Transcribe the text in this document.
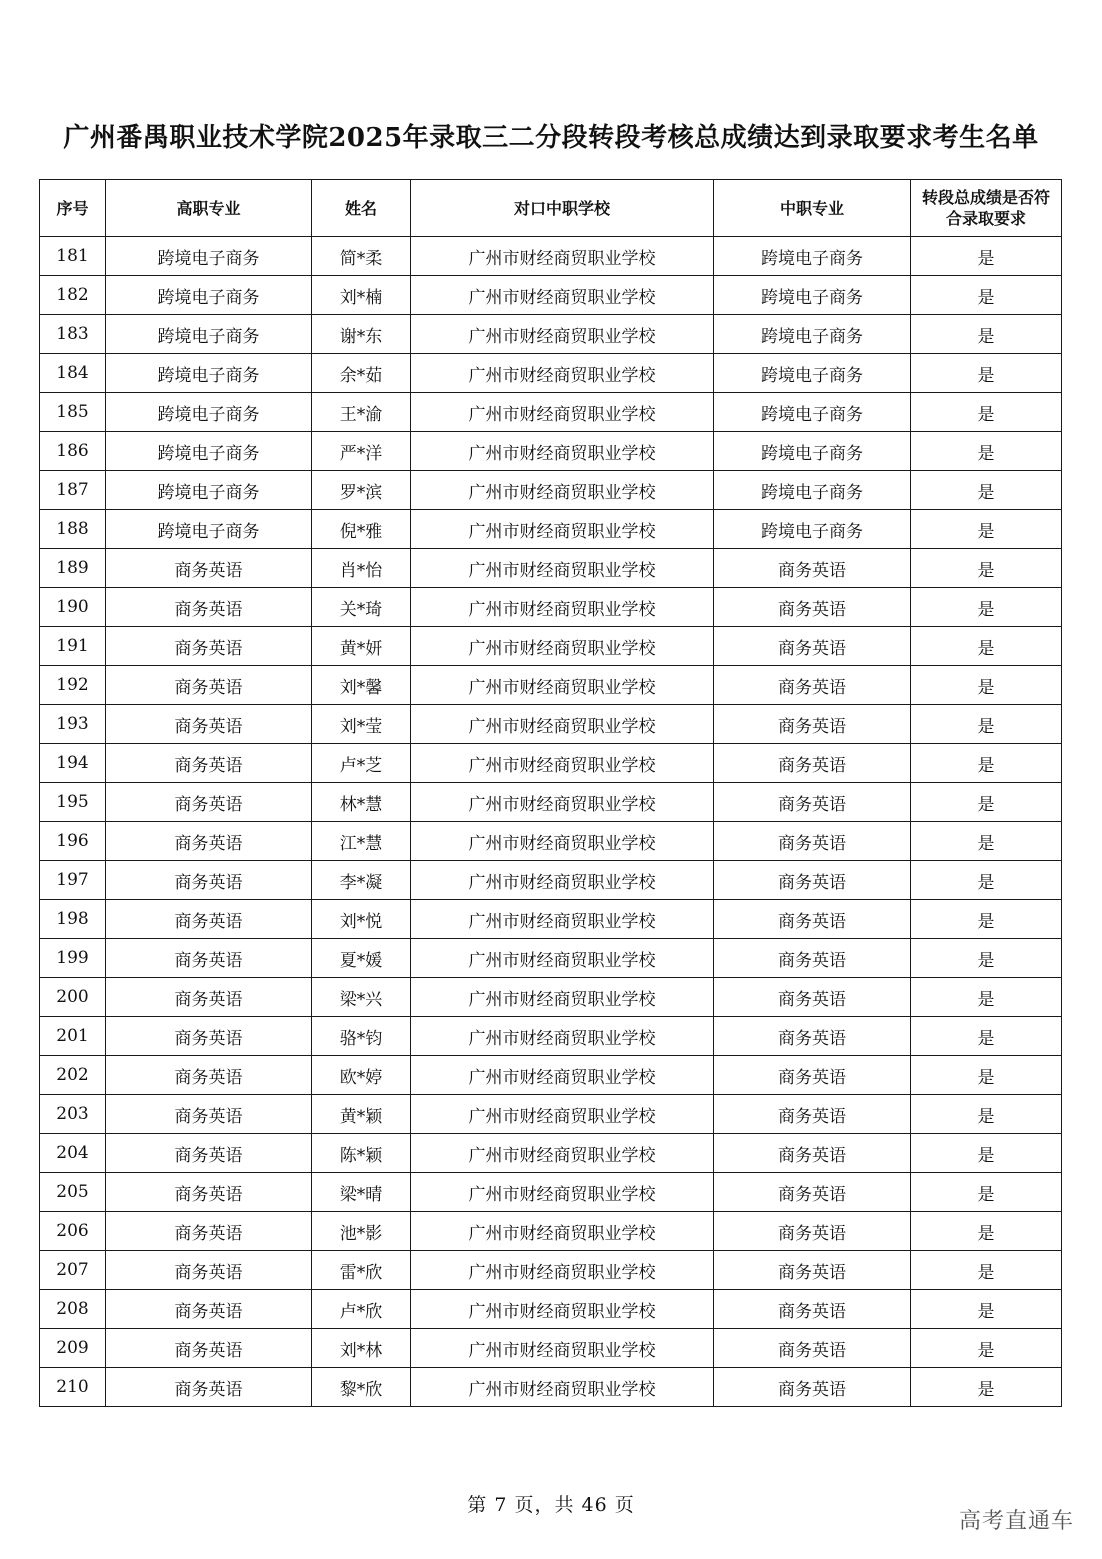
广州番禺职业技术学院2025年录取三二分段转段考核总成绩达到录取要求考生名单
序号	高职专业	姓名	对口中职学校	中职专业	转段总成绩是否符合录取要求
181	跨境电子商务	简*柔	广州市财经商贸职业学校	跨境电子商务	是
182	跨境电子商务	刘*楠	广州市财经商贸职业学校	跨境电子商务	是
183	跨境电子商务	谢*东	广州市财经商贸职业学校	跨境电子商务	是
184	跨境电子商务	余*茹	广州市财经商贸职业学校	跨境电子商务	是
185	跨境电子商务	王*渝	广州市财经商贸职业学校	跨境电子商务	是
186	跨境电子商务	严*洋	广州市财经商贸职业学校	跨境电子商务	是
187	跨境电子商务	罗*滨	广州市财经商贸职业学校	跨境电子商务	是
188	跨境电子商务	倪*雅	广州市财经商贸职业学校	跨境电子商务	是
189	商务英语	肖*怡	广州市财经商贸职业学校	商务英语	是
190	商务英语	关*琦	广州市财经商贸职业学校	商务英语	是
191	商务英语	黄*妍	广州市财经商贸职业学校	商务英语	是
192	商务英语	刘*馨	广州市财经商贸职业学校	商务英语	是
193	商务英语	刘*莹	广州市财经商贸职业学校	商务英语	是
194	商务英语	卢*芝	广州市财经商贸职业学校	商务英语	是
195	商务英语	林*慧	广州市财经商贸职业学校	商务英语	是
196	商务英语	江*慧	广州市财经商贸职业学校	商务英语	是
197	商务英语	李*凝	广州市财经商贸职业学校	商务英语	是
198	商务英语	刘*悦	广州市财经商贸职业学校	商务英语	是
199	商务英语	夏*媛	广州市财经商贸职业学校	商务英语	是
200	商务英语	梁*兴	广州市财经商贸职业学校	商务英语	是
201	商务英语	骆*钧	广州市财经商贸职业学校	商务英语	是
202	商务英语	欧*婷	广州市财经商贸职业学校	商务英语	是
203	商务英语	黄*颖	广州市财经商贸职业学校	商务英语	是
204	商务英语	陈*颖	广州市财经商贸职业学校	商务英语	是
205	商务英语	梁*晴	广州市财经商贸职业学校	商务英语	是
206	商务英语	池*影	广州市财经商贸职业学校	商务英语	是
207	商务英语	雷*欣	广州市财经商贸职业学校	商务英语	是
208	商务英语	卢*欣	广州市财经商贸职业学校	商务英语	是
209	商务英语	刘*林	广州市财经商贸职业学校	商务英语	是
210	商务英语	黎*欣	广州市财经商贸职业学校	商务英语	是
第 7 页，共 46 页
高考直通车
